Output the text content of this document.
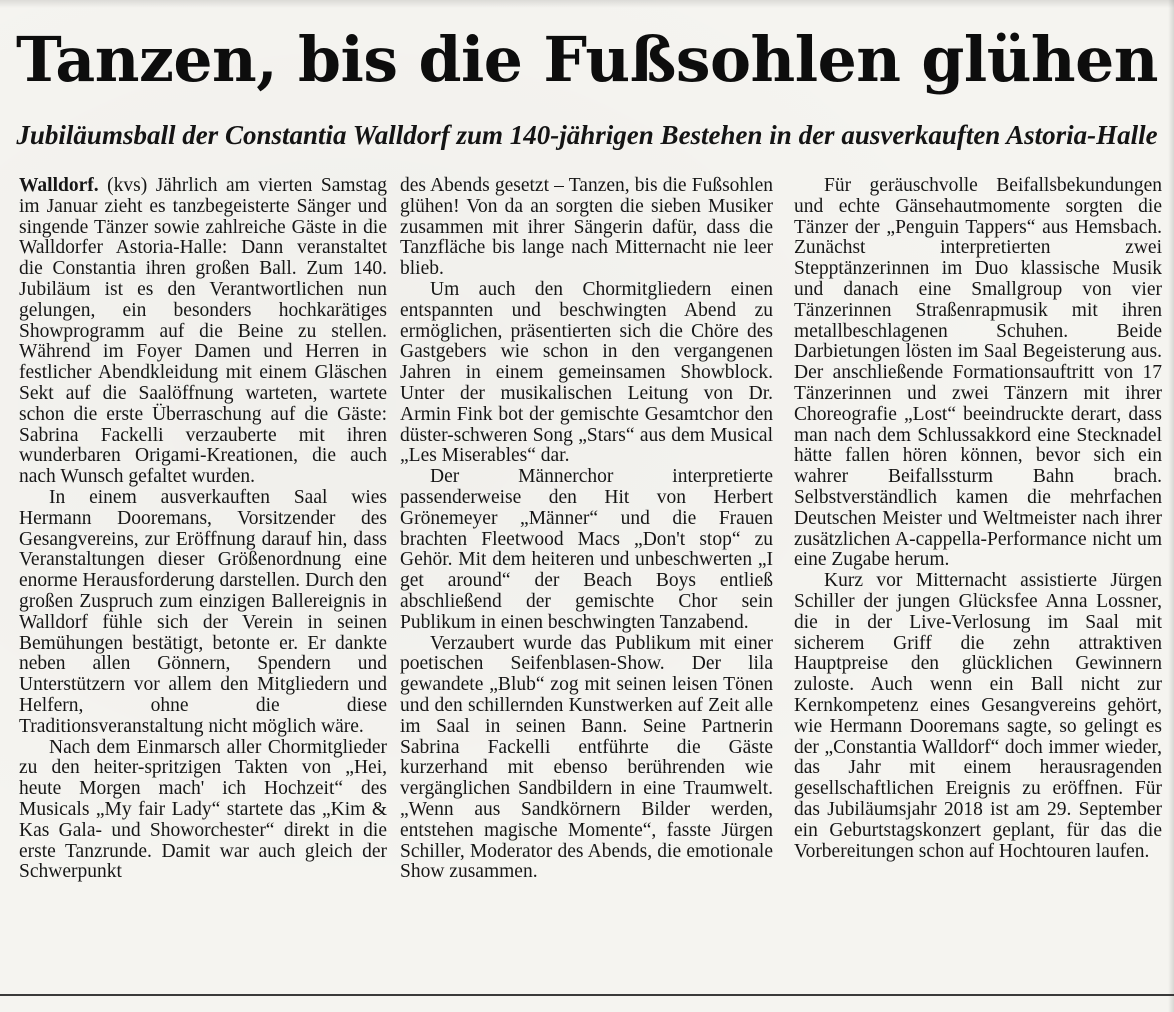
Tanzen, bis die Fußsohlen glühen
Jubiläumsball der Constantia Walldorf zum 140-jährigen Bestehen in der ausverkauften Astoria-Halle

Walldorf. (kvs) Jährlich am vierten Samstag im Januar zieht es tanzbegeisterte Sänger und singende Tänzer sowie zahlreiche Gäste in die Walldorfer Astoria-Halle: Dann veranstaltet die Constantia ihren großen Ball. Zum 140. Jubiläum ist es den Verantwortlichen nun gelungen, ein besonders hochkarätiges Showprogramm auf die Beine zu stellen. Während im Foyer Damen und Herren in festlicher Abendkleidung mit einem Gläschen Sekt auf die Saalöffnung warteten, wartete schon die erste Überraschung auf die Gäste: Sabrina Fackelli verzauberte mit ihren wunderbaren Origami-Kreationen, die auch nach Wunsch gefaltet wurden.

In einem ausverkauften Saal wies Hermann Dooremans, Vorsitzender des Gesangvereins, zur Eröffnung darauf hin, dass Veranstaltungen dieser Größenordnung eine enorme Herausforderung darstellen. Durch den großen Zuspruch zum einzigen Ballereignis in Walldorf fühle sich der Verein in seinen Bemühungen bestätigt, betonte er. Er dankte neben allen Gönnern, Spendern und Unterstützern vor allem den Mitgliedern und Helfern, ohne die diese Traditionsveranstaltung nicht möglich wäre.

Nach dem Einmarsch aller Chormitglieder zu den heiter-spritzigen Takten von „Hei, heute Morgen mach' ich Hochzeit“ des Musicals „My fair Lady“ startete das „Kim & Kas Gala- und Showorchester“ direkt in die erste Tanzrunde. Damit war auch gleich der Schwerpunkt

des Abends gesetzt – Tanzen, bis die Fußsohlen glühen! Von da an sorgten die sieben Musiker zusammen mit ihrer Sängerin dafür, dass die Tanzfläche bis lange nach Mitternacht nie leer blieb.

Um auch den Chormitgliedern einen entspannten und beschwingten Abend zu ermöglichen, präsentierten sich die Chöre des Gastgebers wie schon in den vergangenen Jahren in einem gemeinsamen Showblock. Unter der musikalischen Leitung von Dr. Armin Fink bot der gemischte Gesamtchor den düster-schweren Song „Stars“ aus dem Musical „Les Miserables“ dar.

Der Männerchor interpretierte passenderweise den Hit von Herbert Grönemeyer „Männer“ und die Frauen brachten Fleetwood Macs „Don't stop“ zu Gehör. Mit dem heiteren und unbeschwerten „I get around“ der Beach Boys entließ abschließend der gemischte Chor sein Publikum in einen beschwingten Tanzabend.

Verzaubert wurde das Publikum mit einer poetischen Seifenblasen-Show. Der lila gewandete „Blub“ zog mit seinen leisen Tönen und den schillernden Kunstwerken auf Zeit alle im Saal in seinen Bann. Seine Partnerin Sabrina Fackelli entführte die Gäste kurzerhand mit ebenso berührenden wie vergänglichen Sandbildern in eine Traumwelt. „Wenn aus Sandkörnern Bilder werden, entstehen magische Momente“, fasste Jürgen Schiller, Moderator des Abends, die emotionale Show zusammen.

Für geräuschvolle Beifallsbekundungen und echte Gänsehautmomente sorgten die Tänzer der „Penguin Tappers“ aus Hemsbach. Zunächst interpretierten zwei Stepptänzerinnen im Duo klassische Musik und danach eine Smallgroup von vier Tänzerinnen Straßenrapmusik mit ihren metallbeschlagenen Schuhen. Beide Darbietungen lösten im Saal Begeisterung aus. Der anschließende Formationsauftritt von 17 Tänzerinnen und zwei Tänzern mit ihrer Choreografie „Lost“ beeindruckte derart, dass man nach dem Schlussakkord eine Stecknadel hätte fallen hören können, bevor sich ein wahrer Beifallssturm Bahn brach. Selbstverständlich kamen die mehrfachen Deutschen Meister und Weltmeister nach ihrer zusätzlichen A-cappella-Performance nicht um eine Zugabe herum.

Kurz vor Mitternacht assistierte Jürgen Schiller der jungen Glücksfee Anna Lossner, die in der Live-Verlosung im Saal mit sicherem Griff die zehn attraktiven Hauptpreise den glücklichen Gewinnern zuloste. Auch wenn ein Ball nicht zur Kernkompetenz eines Gesangvereins gehört, wie Hermann Dooremans sagte, so gelingt es der „Constantia Walldorf“ doch immer wieder, das Jahr mit einem herausragenden gesellschaftlichen Ereignis zu eröffnen. Für das Jubiläumsjahr 2018 ist am 29. September ein Geburtstagskonzert geplant, für das die Vorbereitungen schon auf Hochtouren laufen.
